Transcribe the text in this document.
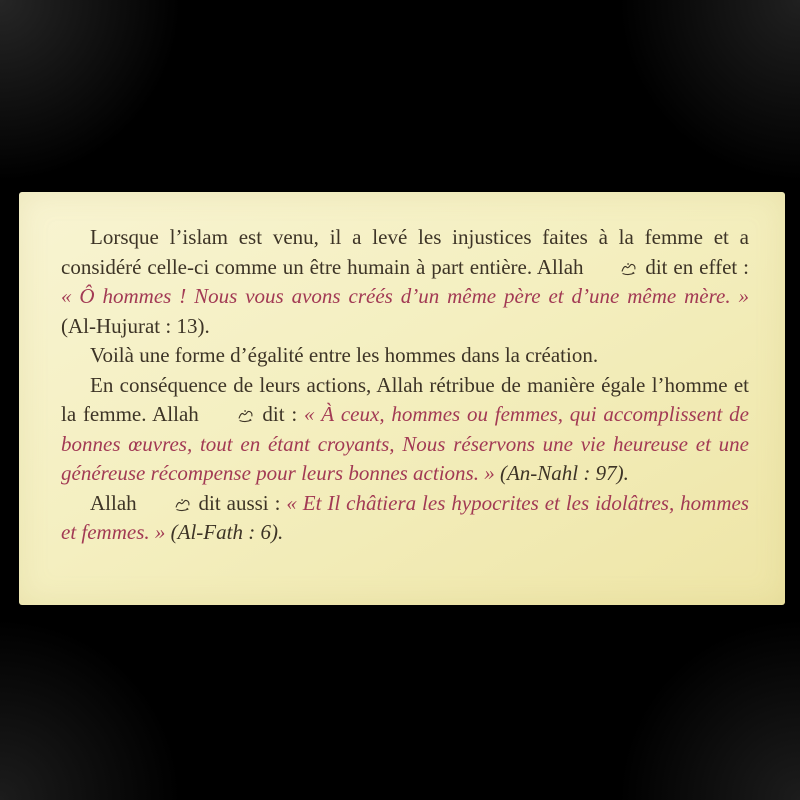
Lorsque l’islam est venu, il a levé les injustices faites à la femme et a considéré celle-ci comme un être humain à part entière. Allah  dit en effet : « Ô hommes ! Nous vous avons créés d’un même père et d’une même mère. » (Al-Hujurat : 13).

Voilà une forme d’égalité entre les hommes dans la création.

En conséquence de leurs actions, Allah rétribue de manière égale l’homme et la femme. Allah  dit : « À ceux, hommes ou femmes, qui accomplissent de bonnes œuvres, tout en étant croyants, Nous réservons une vie heureuse et une généreuse récompense pour leurs bonnes actions. » (An-Nahl : 97).

Allah  dit aussi : « Et Il châtiera les hypocrites et les idolâtres, hommes et femmes. » (Al-Fath : 6).
